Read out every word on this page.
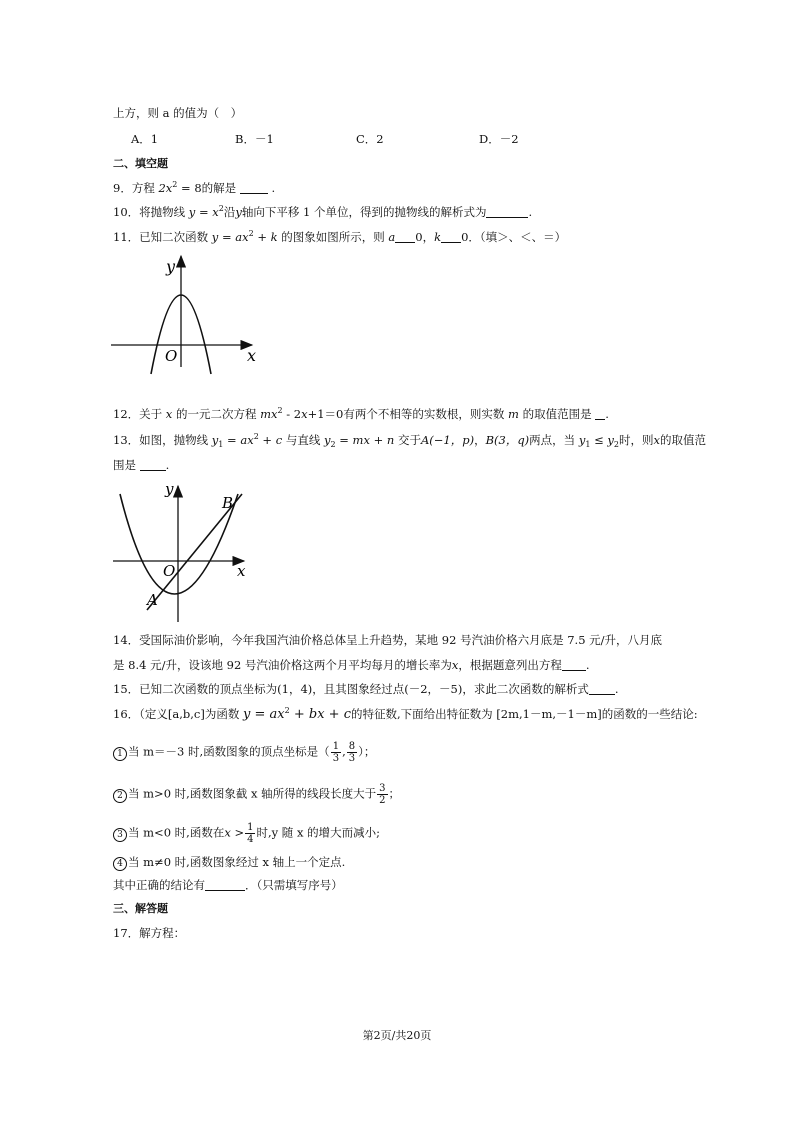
上方，则 a 的值为（　）
A．1	B．－1	C．2	D．－2
二、填空题
9．方程 $2x^2 = 8$的解是	.
10．将抛物线 $y = x^2$沿y轴向下平移 1 个单位，得到的抛物线的解析式为	.
11．已知二次函数 $y = ax^2 + k$ 的图象如图所示，则 a 0，k 0．（填＞、＜、＝）
y
x
O
12．关于 x 的一元二次方程 $mx^2 - 2x+1=0$有两个不相等的实数根，则实数 m 的取值范围是 .
13．如图，抛物线 $y_1 = ax^2 + c$ 与直线 $y_2$ = mx + n 交于A(−1，p)，B(3，q)两点，当 $y_1 \le y_2$时，则x的取值范
围是	.
y
x
O
A
B
14．受国际油价影响，今年我国汽油价格总体呈上升趋势，某地 92 号汽油价格六月底是 7.5 元/升，八月底
是 8.4 元/升，设该地 92 号汽油价格这两个月平均每月的增长率为x，根据题意列出方程 .
15．已知二次函数的顶点坐标为(1，4)，且其图象经过点(－2，－5)，求此二次函数的解析式 .
16．（定义[a,b,c]为函数 $y = ax^2$ + bx + c的特征数,下面给出特征数为 [2m,1－m,－1－m]的函数的一些结论:
1 当 m＝－3 时,函数图象的顶点坐标是（ $\frac{1}{3}$ , $\frac{8}{3}$ ）；
2 当 m>0 时,函数图象截 x 轴所得的线段长度大于 $\frac{3}{2}$ ；
3 当 m<0 时,函数在$x > \frac{1}{4}$ 时,y 随 x 的增大而减小;
4 当 m≠0 时,函数图象经过 x 轴上一个定点.
其中正确的结论有	．（只需填写序号）
三、解答题
17．解方程：
第2页/共20页
